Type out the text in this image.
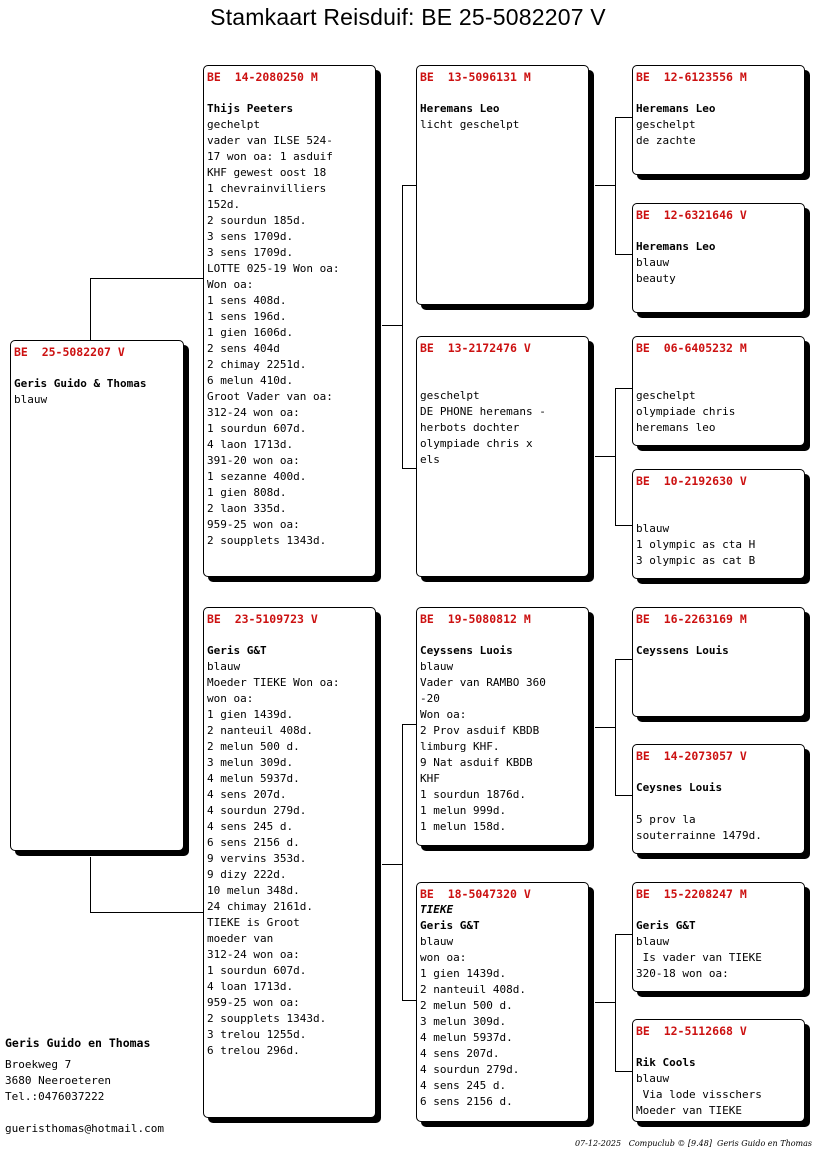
Stamkaart Reisduif: BE 25-5082207 V
BE  25-5082207 V
Geris Guido & Thomas
blauw
BE  14-2080250 M
Thijs Peeters
gechelpt
vader van ILSE 524-
17 won oa: 1 asduif
KHF gewest oost 18
1 chevrainvilliers
152d.
2 sourdun 185d.
3 sens 1709d.
3 sens 1709d.
LOTTE 025-19 Won oa:
Won oa:
1 sens 408d.
1 sens 196d.
1 gien 1606d.
2 sens 404d
2 chimay 2251d.
6 melun 410d.
Groot Vader van oa:
312-24 won oa:
1 sourdun 607d.
4 laon 1713d.
391-20 won oa:
1 sezanne 400d.
1 gien 808d.
2 laon 335d.
959-25 won oa:
2 soupplets 1343d.
BE  23-5109723 V
Geris G&T
blauw
Moeder TIEKE Won oa:
won oa:
1 gien 1439d.
2 nanteuil 408d.
2 melun 500 d.
3 melun 309d.
4 melun 5937d.
4 sens 207d.
4 sourdun 279d.
4 sens 245 d.
6 sens 2156 d.
9 vervins 353d.
9 dizy 222d.
10 melun 348d.
24 chimay 2161d.
TIEKE is Groot
moeder van
312-24 won oa:
1 sourdun 607d.
4 loan 1713d.
959-25 won oa:
2 soupplets 1343d.
3 trelou 1255d.
6 trelou 296d.
BE  13-5096131 M
Heremans Leo
licht geschelpt
BE  13-2172476 V
geschelpt
DE PHONE heremans -
herbots dochter
olympiade chris x
els
BE  19-5080812 M
Ceyssens Luois
blauw
Vader van RAMBO 360
-20
Won oa:
2 Prov asduif KBDB
limburg KHF.
9 Nat asduif KBDB
KHF
1 sourdun 1876d.
1 melun 999d.
1 melun 158d.
BE  18-5047320 V
TIEKE
Geris G&T
blauw
won oa:
1 gien 1439d.
2 nanteuil 408d.
2 melun 500 d.
3 melun 309d.
4 melun 5937d.
4 sens 207d.
4 sourdun 279d.
4 sens 245 d.
6 sens 2156 d.
BE  12-6123556 M
Heremans Leo
geschelpt
de zachte
BE  12-6321646 V
Heremans Leo
blauw
beauty
BE  06-6405232 M
geschelpt
olympiade chris
heremans leo
BE  10-2192630 V
blauw
1 olympic as cta H
3 olympic as cat B
BE  16-2263169 M
Ceyssens Louis
BE  14-2073057 V
Ceysnes Louis

5 prov la
souterrainne 1479d.
BE  15-2208247 M
Geris G&T
blauw
Is vader van TIEKE
320-18 won oa:
BE  12-5112668 V
Rik Cools
blauw
Via lode visschers
Moeder van TIEKE
Geris Guido en Thomas
Broekweg 7
3680 Neeroeteren
Tel.:0476037222
gueristhomas@hotmail.com
07-12-2025   Compuclub © [9.48]  Geris Guido en Thomas
